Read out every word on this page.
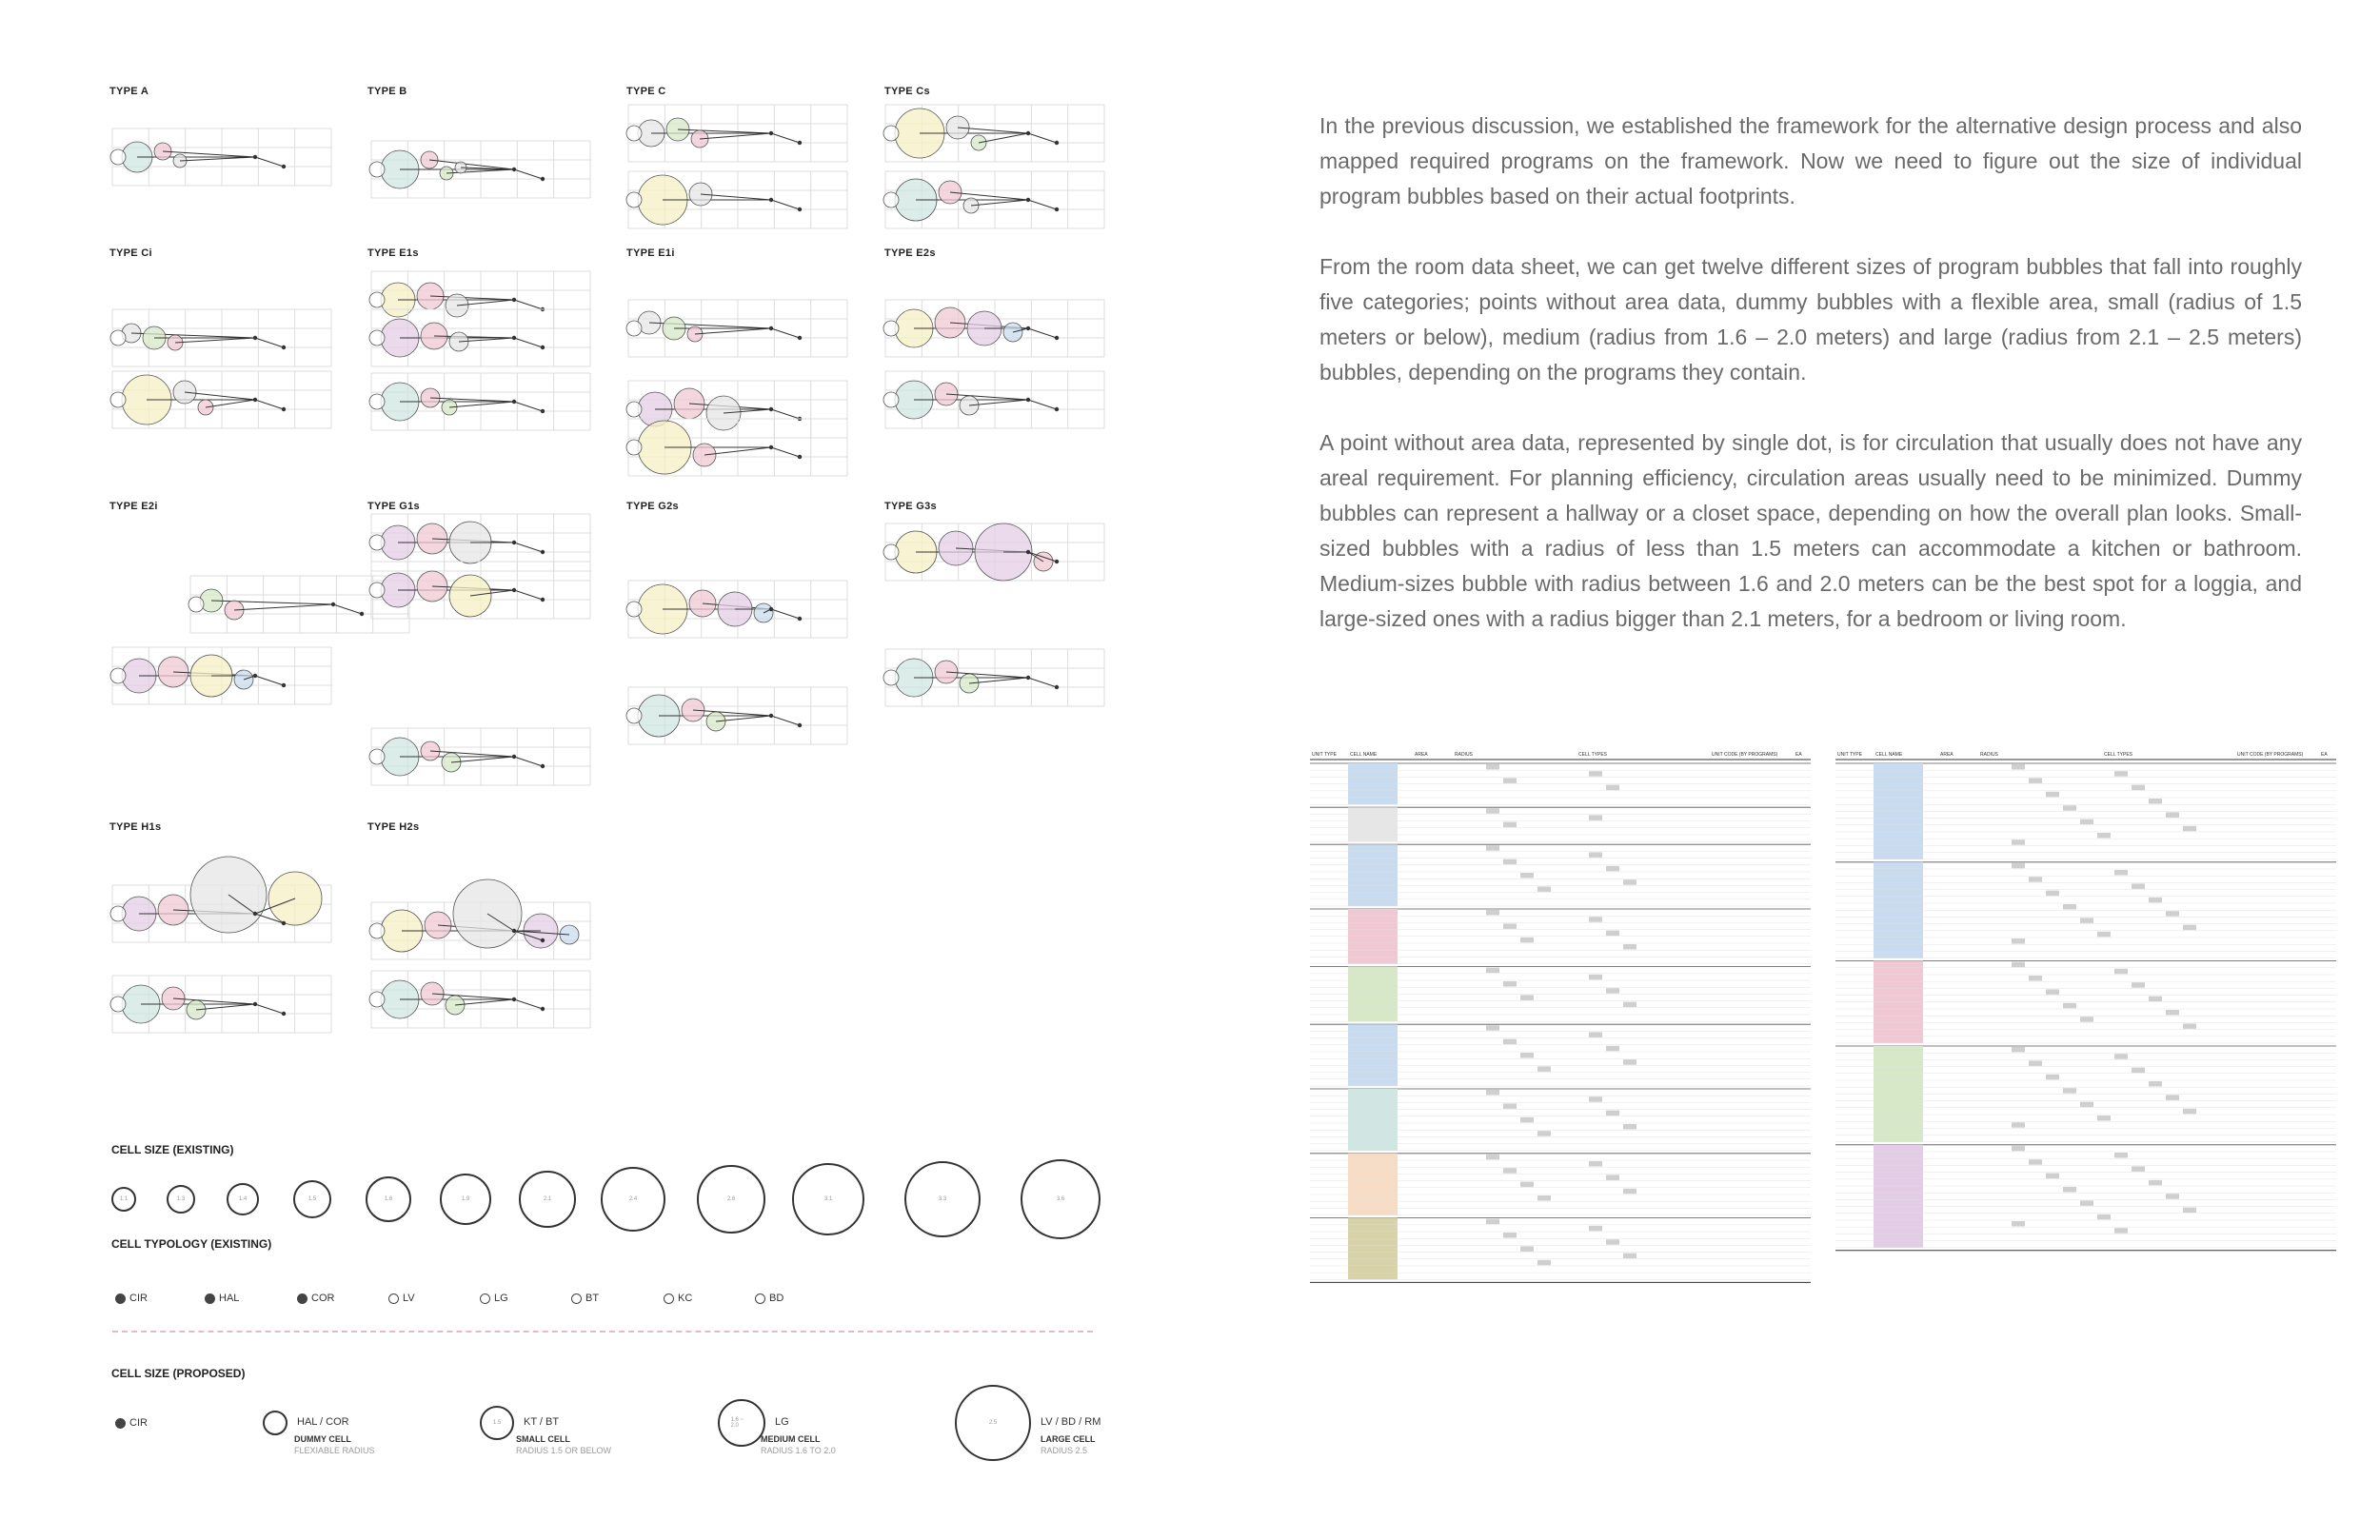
TYPE A	TYPE B	TYPE C	TYPE Cs
TYPE Ci	TYPE E1s	TYPE E1i	TYPE E2s
TYPE E2i	TYPE G1s	TYPE G2s	TYPE G3s
TYPE H1s	TYPE H2s
CELL SIZE (EXISTING)
1.1	1.3	1.4	1.5	1.6	1.9	2.1	2.4	2.6	3.1	3.3	3.6
CELL TYPOLOGY (EXISTING)
CIR	HAL	COR	LV	LG	BT	KC	BD
CELL SIZE (PROPOSED)
CIR	HAL / COR
DUMMY CELL
FLEXIABLE RADIUS
1.5 KT / BT
SMALL CELL
RADIUS 1.5 OR BELOW
1.6 ~ 2.0	LG
MEDIUM CELL
RADIUS 1.6 TO 2.0
2.5	LV / BD / RM
LARGE CELL
RADIUS 2.5

In the previous discussion, we established the framework for the alternative design process and also mapped required programs on the framework. Now we need to figure out the size of individual program bubbles based on their actual footprints.

From the room data sheet, we can get twelve different sizes of program bubbles that fall into roughly five categories; points without area data, dummy bubbles with a flexible area, small (radius of 1.5 meters or below), medium (radius from 1.6 – 2.0 meters) and large (radius from 2.1 – 2.5 meters) bubbles, depending on the programs they contain.

A point without area data, represented by single dot, is for circulation that usually does not have any areal requirement. For planning efficiency, circulation areas usually need to be minimized. Dummy bubbles can represent a hallway or a closet space, depending on how the overall plan looks. Small-sized bubbles with a radius of less than 1.5 meters can accommodate a kitchen or bathroom. Medium-sizes bubble with radius between 1.6 and 2.0 meters can be the best spot for a loggia, and large-sized ones with a radius bigger than 2.1 meters, for a bedroom or living room.

UNIT TYPE	CELL NAME	AREA	RADIUS	CELL TYPES	UNIT CODE (BY PROGRAMS)	EA	UNIT TYPE	CELL NAME	AREA	RADIUS	CELL TYPES	UNIT CODE (BY PROGRAMS)	EA
